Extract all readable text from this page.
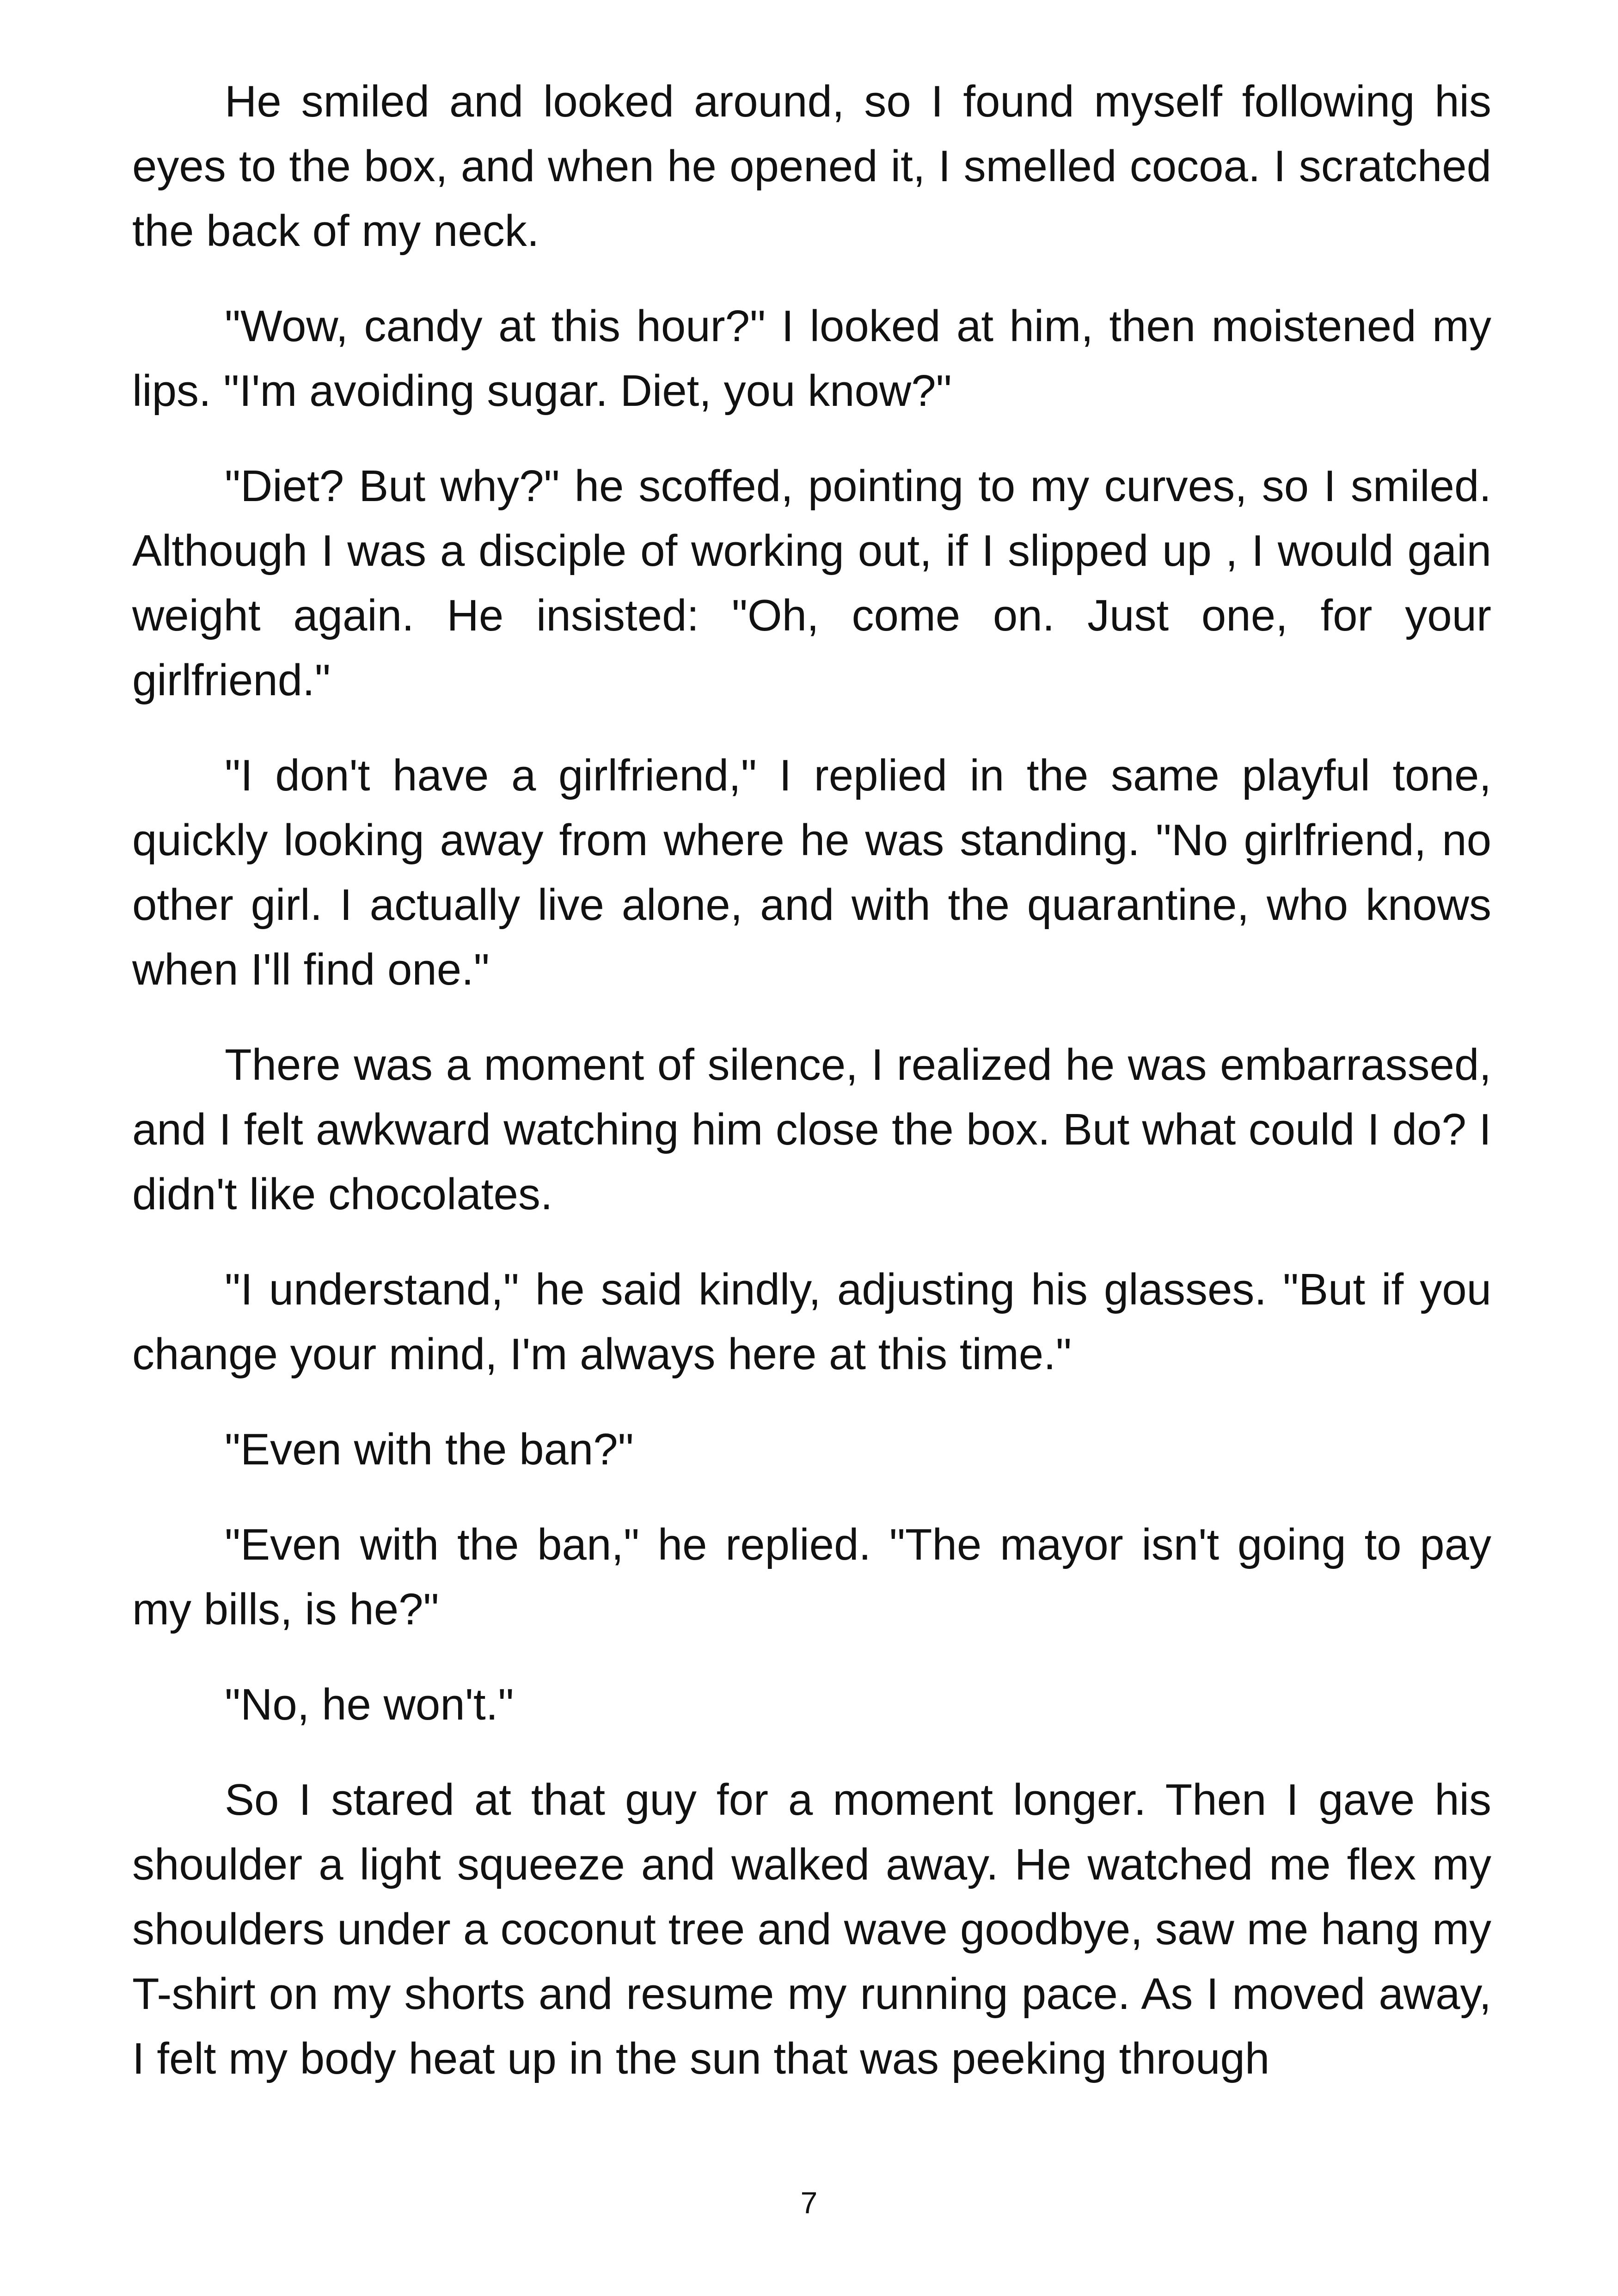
He smiled and looked around, so I found myself following his eyes to the box, and when he opened it, I smelled cocoa. I scratched the back of my neck.

"Wow, candy at this hour?" I looked at him, then moistened my lips. "I'm avoiding sugar. Diet, you know?"

"Diet? But why?" he scoffed, pointing to my curves, so I smiled. Although I was a disciple of working out, if I slipped up , I would gain weight again. He insisted: "Oh, come on. Just one, for your girlfriend."

"I don't have a girlfriend," I replied in the same playful tone, quickly looking away from where he was standing. "No girlfriend, no other girl. I actually live alone, and with the quarantine, who knows when I'll find one."

There was a moment of silence, I realized he was embarrassed, and I felt awkward watching him close the box. But what could I do? I didn't like chocolates.

"I understand," he said kindly, adjusting his glasses. "But if you change your mind, I'm always here at this time."

"Even with the ban?"

"Even with the ban," he replied. "The mayor isn't going to pay my bills, is he?"

"No, he won't."

So I stared at that guy for a moment longer. Then I gave his shoulder a light squeeze and walked away. He watched me flex my shoulders under a coconut tree and wave goodbye, saw me hang my T-shirt on my shorts and resume my running pace. As I moved away, I felt my body heat up in the sun that was peeking through

7
